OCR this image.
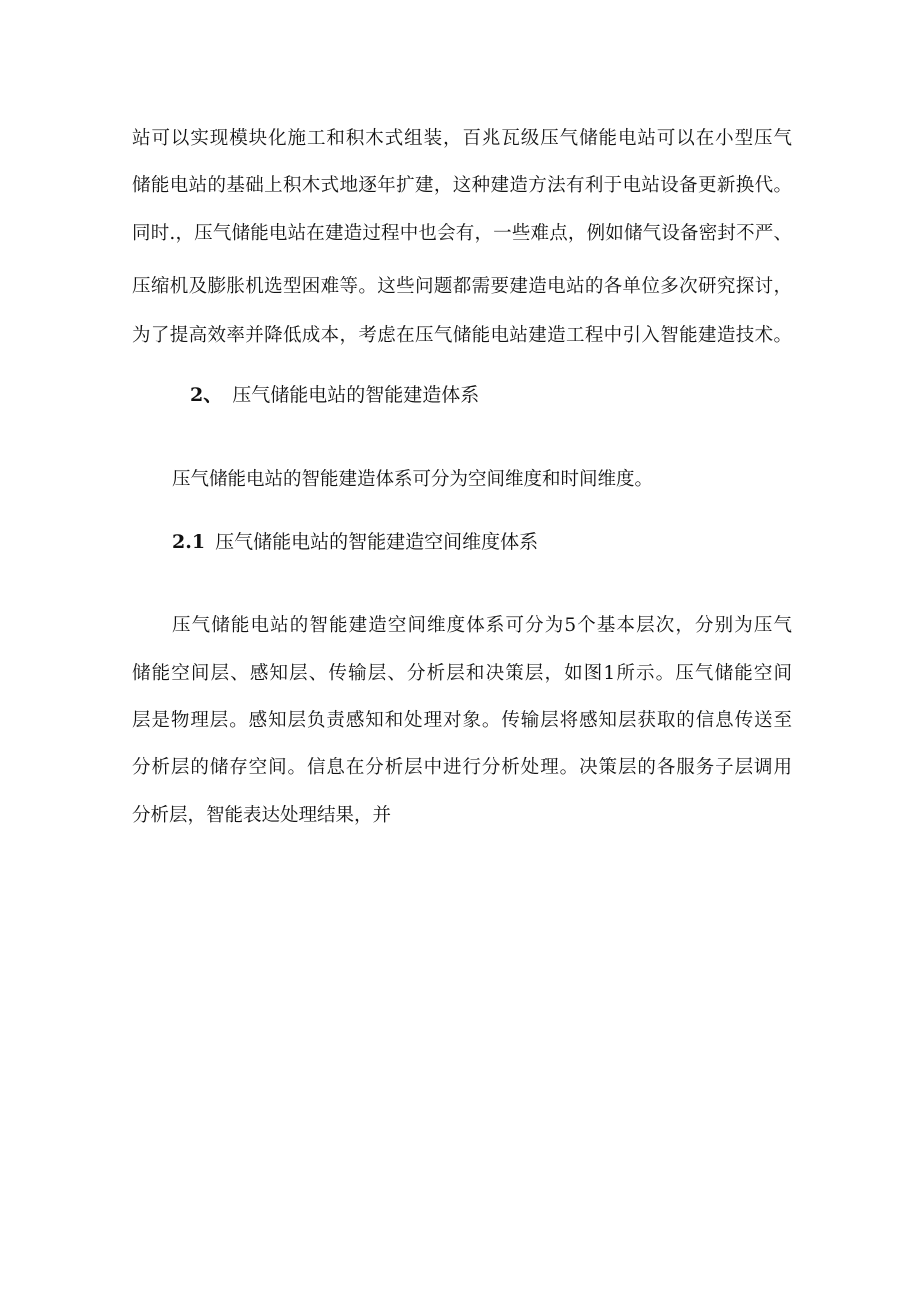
站可以实现模块化施工和积木式组装，百兆瓦级压气储能电站可以在小型压气
储能电站的基础上积木式地逐年扩建，这种建造方法有利于电站设备更新换代。
同时.，压气储能电站在建造过程中也会有，一些难点，例如储气设备密封不严、
压缩机及膨胀机选型困难等。这些问题都需要建造电站的各单位多次研究探讨，
为了提高效率并降低成本，考虑在压气储能电站建造工程中引入智能建造技术。
2、 压气储能电站的智能建造体系
压气储能电站的智能建造体系可分为空间维度和时间维度。
2.1 压气储能电站的智能建造空间维度体系
压气储能电站的智能建造空间维度体系可分为5个基本层次，分别为压气
储能空间层、感知层、传输层、分析层和决策层，如图1所示。压气储能空间
层是物理层。感知层负责感知和处理对象。传输层将感知层获取的信息传送至
分析层的储存空间。信息在分析层中进行分析处理。决策层的各服务子层调用
分析层，智能表达处理结果，并
